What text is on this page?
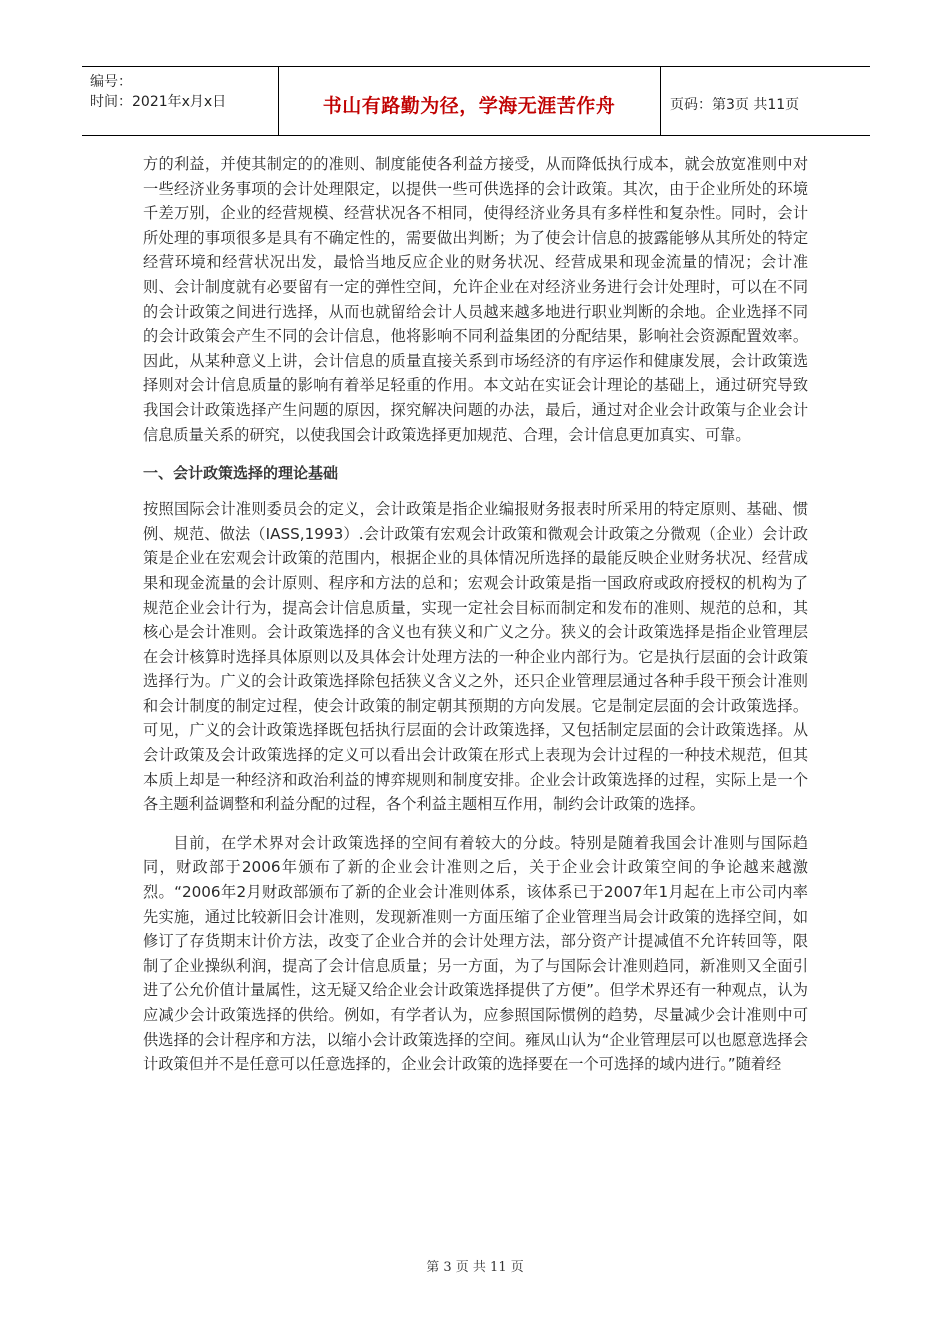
编号：
时间：2021年x月x日	书山有路勤为径，学海无涯苦作舟	页码：第3页 共11页

方的利益，并使其制定的的准则、制度能使各利益方接受，从而降低执行成本，就会放宽准则中对一些经济业务事项的会计处理限定，以提供一些可供选择的会计政策。其次，由于企业所处的环境千差万别，企业的经营规模、经营状况各不相同，使得经济业务具有多样性和复杂性。同时，会计所处理的事项很多是具有不确定性的，需要做出判断；为了使会计信息的披露能够从其所处的特定经营环境和经营状况出发，最恰当地反应企业的财务状况、经营成果和现金流量的情况；会计准则、会计制度就有必要留有一定的弹性空间，允许企业在对经济业务进行会计处理时，可以在不同的会计政策之间进行选择，从而也就留给会计人员越来越多地进行职业判断的余地。企业选择不同的会计政策会产生不同的会计信息，他将影响不同利益集团的分配结果，影响社会资源配置效率。因此，从某种意义上讲，会计信息的质量直接关系到市场经济的有序运作和健康发展，会计政策选择则对会计信息质量的影响有着举足轻重的作用。本文站在实证会计理论的基础上，通过研究导致我国会计政策选择产生问题的原因，探究解决问题的办法，最后，通过对企业会计政策与企业会计信息质量关系的研究，以使我国会计政策选择更加规范、合理，会计信息更加真实、可靠。

一、会计政策选择的理论基础

按照国际会计准则委员会的定义，会计政策是指企业编报财务报表时所采用的特定原则、基础、惯例、规范、做法（IASS,1993）.会计政策有宏观会计政策和微观会计政策之分微观（企业）会计政策是企业在宏观会计政策的范围内，根据企业的具体情况所选择的最能反映企业财务状况、经营成果和现金流量的会计原则、程序和方法的总和；宏观会计政策是指一国政府或政府授权的机构为了规范企业会计行为，提高会计信息质量，实现一定社会目标而制定和发布的准则、规范的总和，其核心是会计准则。会计政策选择的含义也有狭义和广义之分。狭义的会计政策选择是指企业管理层在会计核算时选择具体原则以及具体会计处理方法的一种企业内部行为。它是执行层面的会计政策选择行为。广义的会计政策选择除包括狭义含义之外，还只企业管理层通过各种手段干预会计准则和会计制度的制定过程，使会计政策的制定朝其预期的方向发展。它是制定层面的会计政策选择。可见，广义的会计政策选择既包括执行层面的会计政策选择，又包括制定层面的会计政策选择。从会计政策及会计政策选择的定义可以看出会计政策在形式上表现为会计过程的一种技术规范，但其本质上却是一种经济和政治利益的博弈规则和制度安排。企业会计政策选择的过程，实际上是一个各主题利益调整和利益分配的过程，各个利益主题相互作用，制约会计政策的选择。

目前，在学术界对会计政策选择的空间有着较大的分歧。特别是随着我国会计准则与国际趋同，财政部于2006年颁布了新的企业会计准则之后，关于企业会计政策空间的争论越来越激烈。“2006年2月财政部颁布了新的企业会计准则体系，该体系已于2007年1月起在上市公司内率先实施，通过比较新旧会计准则，发现新准则一方面压缩了企业管理当局会计政策的选择空间，如修订了存货期末计价方法，改变了企业合并的会计处理方法，部分资产计提减值不允许转回等，限制了企业操纵利润，提高了会计信息质量；另一方面，为了与国际会计准则趋同，新准则又全面引进了公允价值计量属性，这无疑又给企业会计政策选择提供了方便”。但学术界还有一种观点，认为应减少会计政策选择的供给。例如，有学者认为，应参照国际惯例的趋势，尽量减少会计准则中可供选择的会计程序和方法，以缩小会计政策选择的空间。雍凤山认为“企业管理层可以也愿意选择会计政策但并不是任意可以任意选择的，企业会计政策的选择要在一个可选择的域内进行。”随着经

第 3 页 共 11 页
